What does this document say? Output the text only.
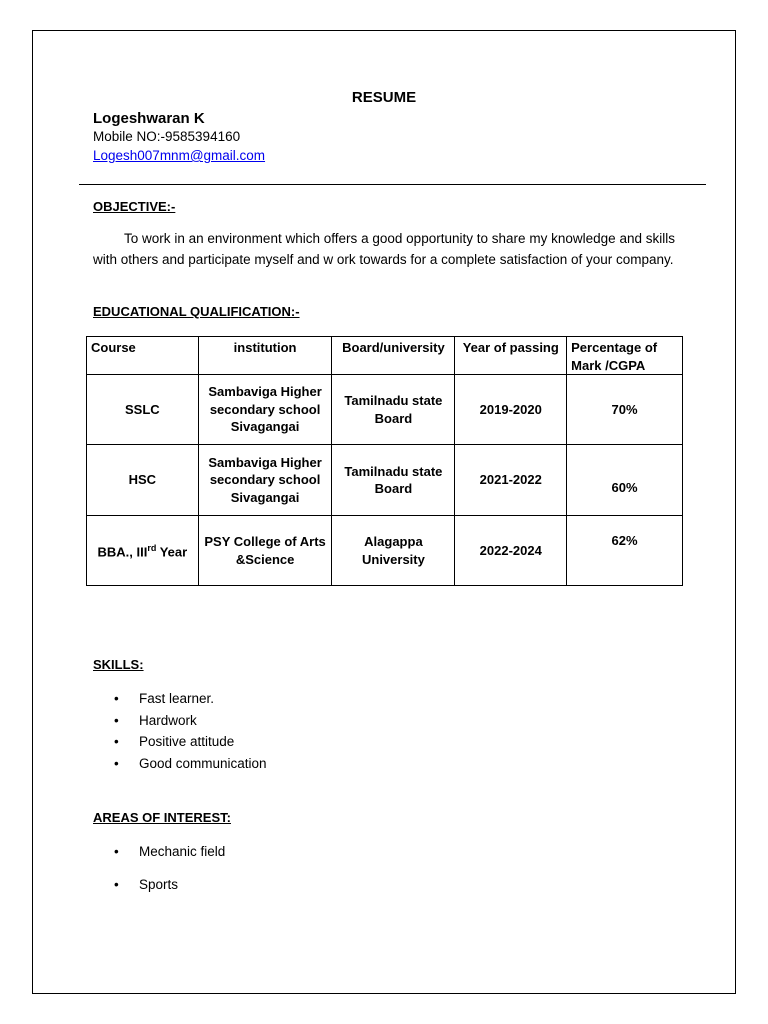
RESUME
Logeshwaran K
Mobile NO:-9585394160
Logesh007mnm@gmail.com
OBJECTIVE:-
To work in an environment which offers a good opportunity to share my knowledge and skills with others and participate myself and w ork towards for a complete satisfaction of your company.
EDUCATIONAL QUALIFICATION:-
Course	institution	Board/university	Year of passing	Percentage of Mark /CGPA
SSLC	Sambaviga Higher secondary school Sivagangai	Tamilnadu state Board	2019-2020	70%
HSC	Sambaviga Higher secondary school Sivagangai	Tamilnadu state Board	2021-2022	60%
BBA., IIIrd Year	PSY College of Arts &Science	Alagappa University	2022-2024	62%
SKILLS:
•	Fast learner.
•	Hardwork
•	Positive attitude
•	Good communication
AREAS OF INTEREST:
•	Mechanic field
•	Sports
